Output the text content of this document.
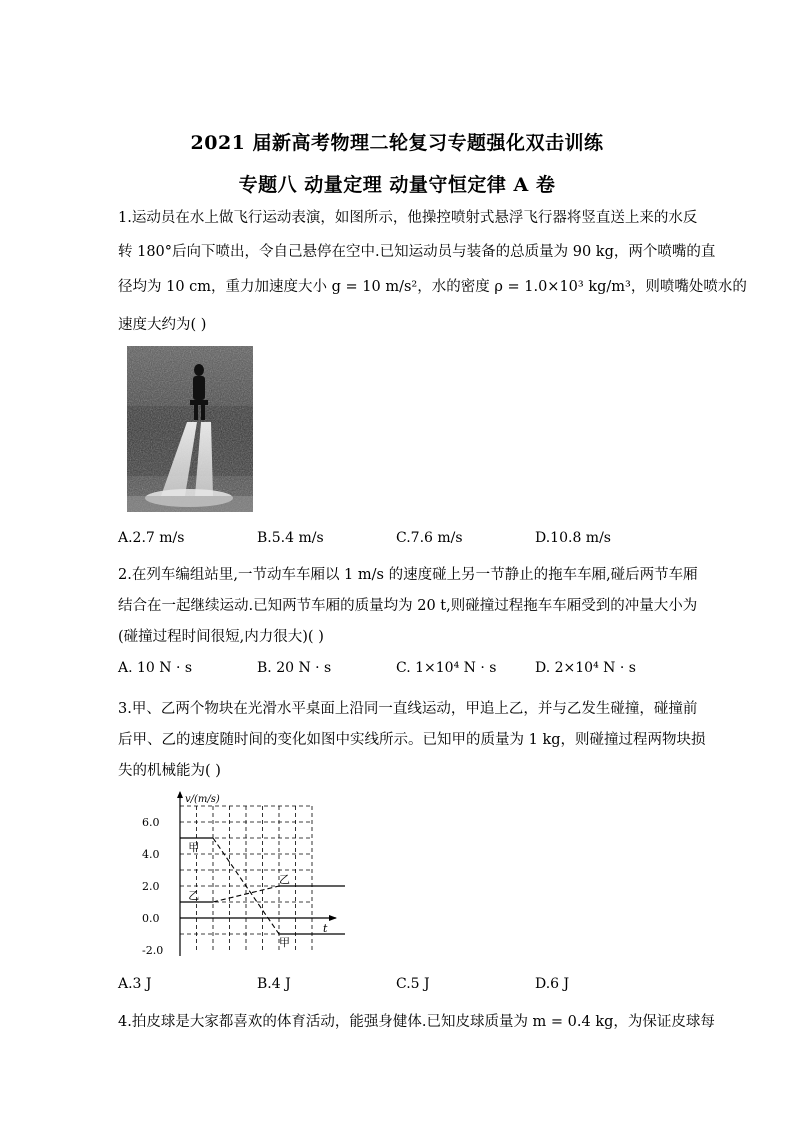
2021 届新高考物理二轮复习专题强化双击训练
专题八 动量定理 动量守恒定律 A 卷
1.运动员在水上做飞行运动表演，如图所示，他操控喷射式悬浮飞行器将竖直送上来的水反
转 180°后向下喷出，令自己悬停在空中.已知运动员与装备的总质量为 90 kg，两个喷嘴的直
径均为 10 cm，重力加速度大小 g = 10 m/s²，水的密度 ρ = 1.0×10³ kg/m³，则喷嘴处喷水的
速度大约为( )
A.2.7 m/s	B.5.4 m/s	C.7.6 m/s	D.10.8 m/s
2.在列车编组站里,一节动车车厢以 1 m/s 的速度碰上另一节静止的拖车车厢,碰后两节车厢
结合在一起继续运动.已知两节车厢的质量均为 20 t,则碰撞过程拖车车厢受到的冲量大小为
(碰撞过程时间很短,内力很大)( )
A. 10 N · s	B. 20 N · s	C. 1×10⁴ N · s	D. 2×10⁴ N · s
3.甲、乙两个物块在光滑水平桌面上沿同一直线运动，甲追上乙，并与乙发生碰撞，碰撞前
后甲、乙的速度随时间的变化如图中实线所示。已知甲的质量为 1 kg，则碰撞过程两物块损
失的机械能为( )
v/(m/s)
t
6.0
4.0
2.0
0.0
-2.0
甲
乙
乙
甲
A.3 J	B.4 J	C.5 J	D.6 J
4.拍皮球是大家都喜欢的体育活动，能强身健体.已知皮球质量为 m = 0.4 kg，为保证皮球每
